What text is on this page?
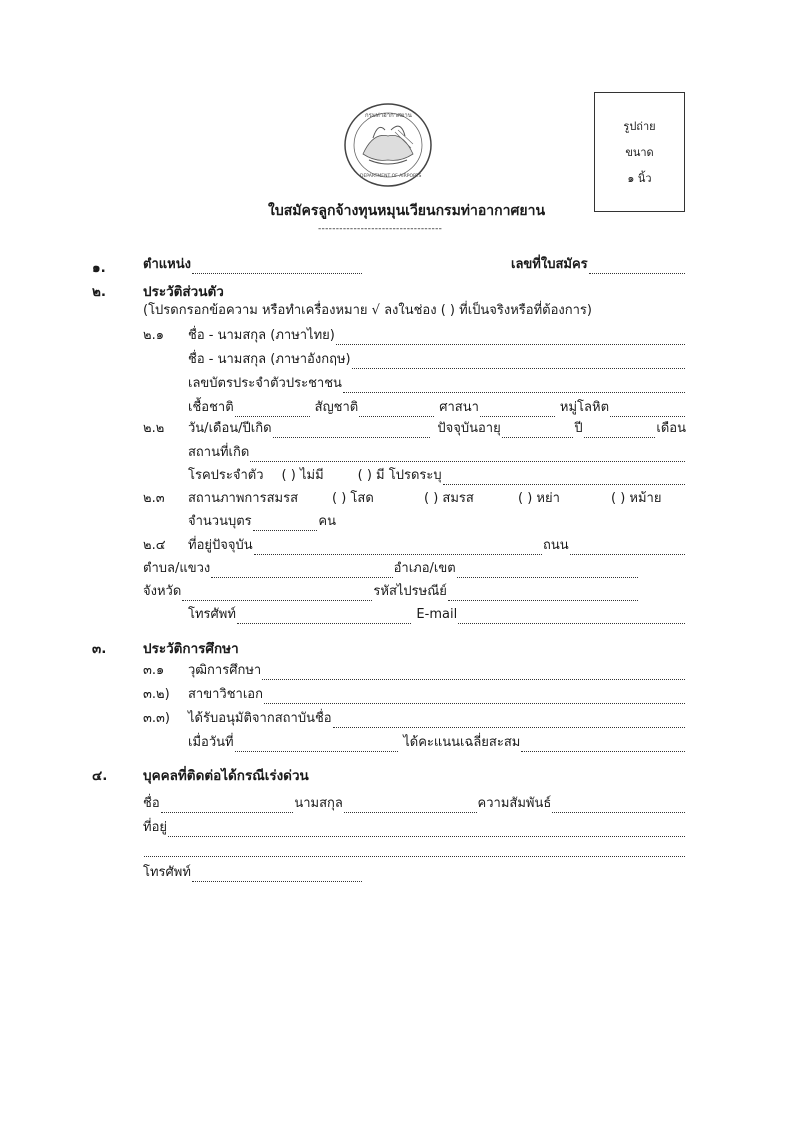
กรมท่าอากาศยาน
DEPARTMENT OF AIRPORTS
รูปถ่าย
ขนาด
๑ นิ้ว
ใบสมัครลูกจ้างทุนหมุนเวียนกรมท่าอากาศยาน
-----------------------------------
๑.	ตำแหน่ง	เลขที่ใบสมัคร
๒.	ประวัติส่วนตัว
(โปรดกรอกข้อความ หรือทำเครื่องหมาย √ ลงในช่อง ( ) ที่เป็นจริงหรือที่ต้องการ)
๒.๑ ชื่อ - นามสกุล (ภาษาไทย)
ชื่อ - นามสกุล (ภาษาอังกฤษ)
เลขบัตรประจำตัวประชาชน
เชื้อชาติ	สัญชาติ	ศาสนา	หมู่โลหิต
๒.๒ วัน/เดือน/ปีเกิด	ปัจจุบันอายุ	ปี	เดือน
สถานที่เกิด
โรคประจำตัว ( ) ไม่มี	( ) มี โปรดระบุ
๒.๓ สถานภาพการสมรส	( ) โสด	( ) สมรส	( ) หย่า	( ) หม้าย
จำนวนบุตร	คน
๒.๔ ที่อยู่ปัจจุบัน	ถนน
ตำบล/แขวง	อำเภอ/เขต
จังหวัด	รหัสไปรษณีย์
โทรศัพท์	E-mail
๓.	ประวัติการศึกษา
๓.๑ วุฒิการศึกษา
๓.๒) สาขาวิชาเอก
๓.๓) ได้รับอนุมัติจากสถาบันชื่อ
เมื่อวันที่	ได้คะแนนเฉลี่ยสะสม
๔.	บุคคลที่ติดต่อได้กรณีเร่งด่วน
ชื่อ	นามสกุล	ความสัมพันธ์
ที่อยู่
โทรศัพท์
